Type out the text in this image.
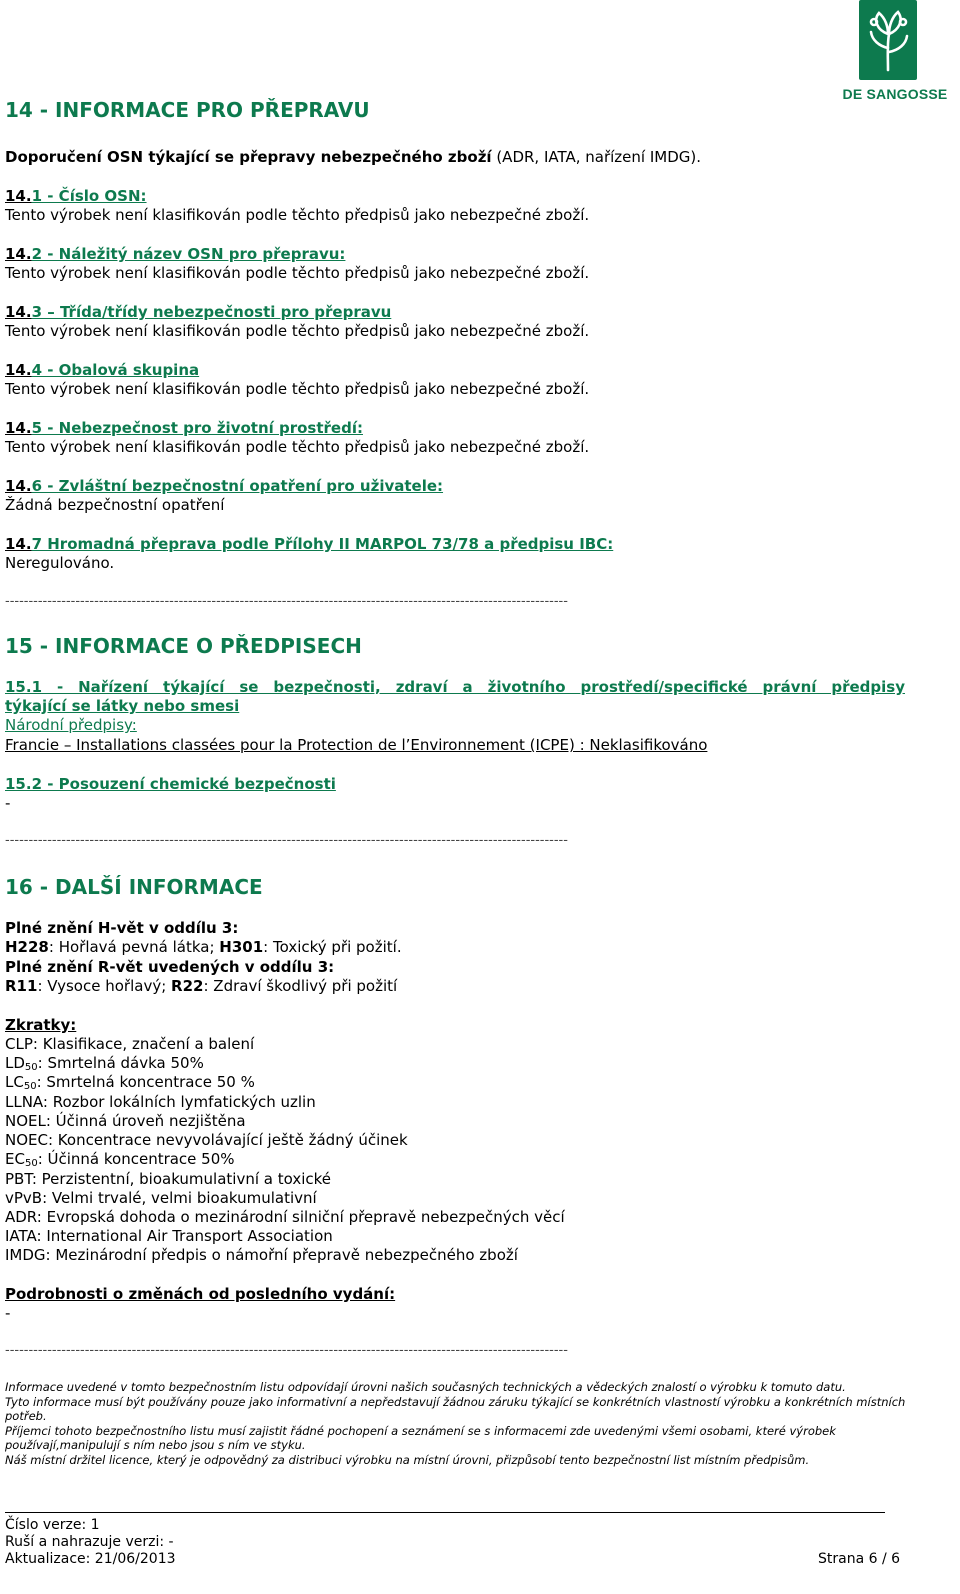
DE SANGOSSE
14 - INFORMACE PRO PŘEPRAVU
Doporučení OSN týkající se přepravy nebezpečného zboží (ADR, IATA, nařízení IMDG).
14.1 - Číslo OSN:
Tento výrobek není klasifikován podle těchto předpisů jako nebezpečné zboží.
14.2 - Náležitý název OSN pro přepravu:
Tento výrobek není klasifikován podle těchto předpisů jako nebezpečné zboží.
14.3 – Třída/třídy nebezpečnosti pro přepravu
Tento výrobek není klasifikován podle těchto předpisů jako nebezpečné zboží.
14.4 - Obalová skupina
Tento výrobek není klasifikován podle těchto předpisů jako nebezpečné zboží.
14.5 - Nebezpečnost pro životní prostředí:
Tento výrobek není klasifikován podle těchto předpisů jako nebezpečné zboží.
14.6 - Zvláštní bezpečnostní opatření pro uživatele:
Žádná bezpečnostní opatření
14.7 Hromadná přeprava podle Přílohy II MARPOL 73/78 a předpisu IBC:
Neregulováno.
------------------------------------------------------------------------------------------------------------------------
15 - INFORMACE O PŘEDPISECH
15.1 - Nařízení týkající se bezpečnosti, zdraví a životního prostředí/specifické právní předpisy
týkající se látky nebo smesi
Národní předpisy:
Francie – Installations classées pour la Protection de l’Environnement (ICPE) : Neklasifikováno
15.2 - Posouzení chemické bezpečnosti
-
------------------------------------------------------------------------------------------------------------------------
16 - DALŠÍ INFORMACE
Plné znění H-vět v oddílu 3:
H228: Hořlavá pevná látka; H301: Toxický při požití.
Plné znění R-vět uvedených v oddílu 3:
R11: Vysoce hořlavý; R22: Zdraví škodlivý při požití
Zkratky:
CLP: Klasifikace, značení a balení
$LD_{50}$: Smrtelná dávka 50%
$LC_{50}$: Smrtelná koncentrace 50 %
LLNA: Rozbor lokálních lymfatických uzlin
NOEL: Účinná úroveň nezjištěna
NOEC: Koncentrace nevyvolávající ještě žádný účinek
$EC_{50}$: Účinná koncentrace 50%
PBT: Perzistentní, bioakumulativní a toxické
vPvB: Velmi trvalé, velmi bioakumulativní
ADR: Evropská dohoda o mezinárodní silniční přepravě nebezpečných věcí
IATA: International Air Transport Association
IMDG: Mezinárodní předpis o námořní přepravě nebezpečného zboží
Podrobnosti o změnách od posledního vydání:
-
------------------------------------------------------------------------------------------------------------------------
Informace uvedené v tomto bezpečnostním listu odpovídají úrovni našich současných technických a vědeckých znalostí o výrobku k tomuto datu.
Tyto informace musí být používány pouze jako informativní a nepředstavují žádnou záruku týkající se konkrétních vlastností výrobku a konkrétních místních potřeb.
Příjemci tohoto bezpečnostního listu musí zajistit řádné pochopení a seznámení se s informacemi zde uvedenými všemi osobami, které výrobek používají,manipulují s ním nebo jsou s ním ve styku.
Náš místní držitel licence, který je odpovědný za distribuci výrobku na místní úrovni, přizpůsobí tento bezpečnostní list místním předpisům.
Číslo verze: 1
Ruší a nahrazuje verzi: -
Aktualizace: 21/06/2013	Strana 6 / 6
